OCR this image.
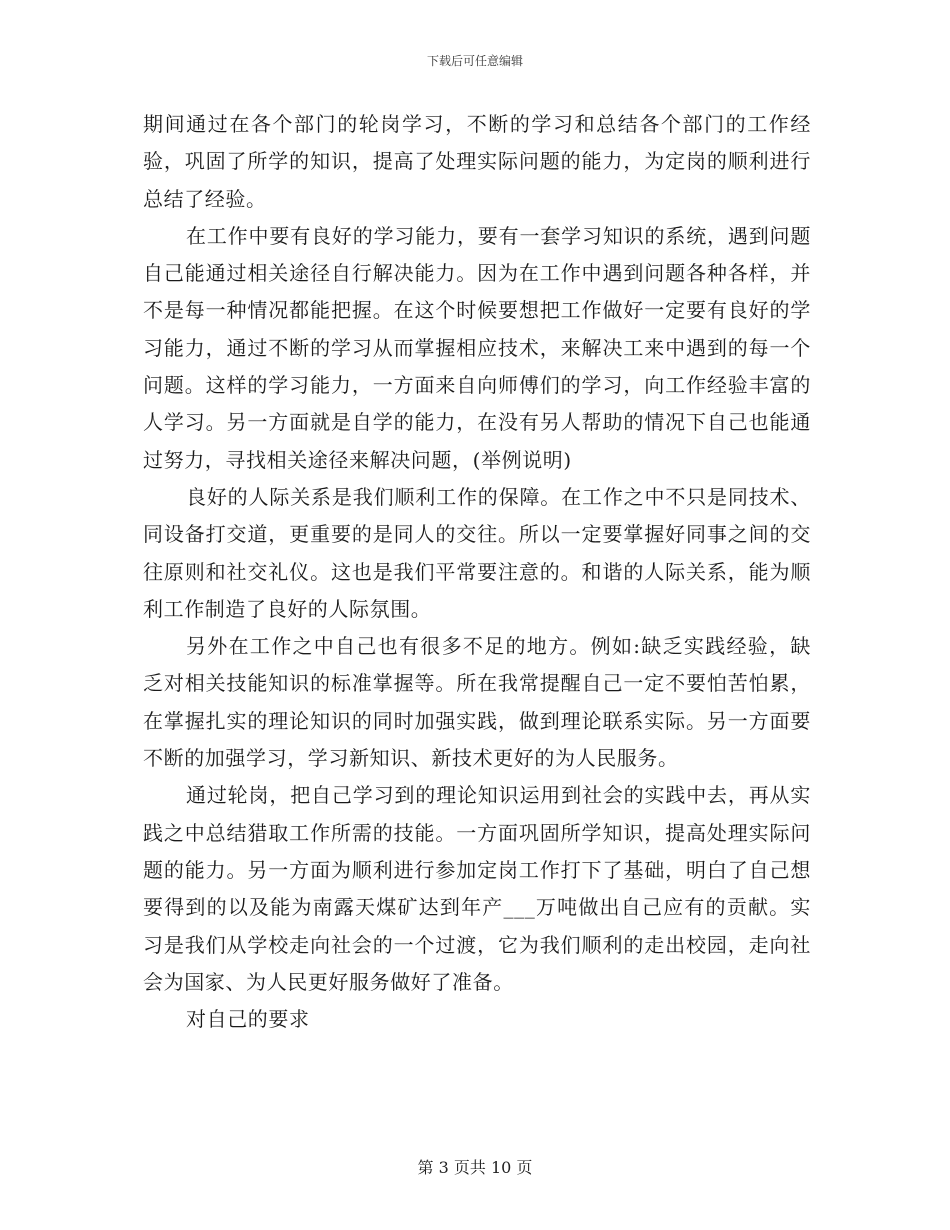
下载后可任意编辑

期间通过在各个部门的轮岗学习，不断的学习和总结各个部门的工作经验，巩固了所学的知识，提高了处理实际问题的能力，为定岗的顺利进行总结了经验。

在工作中要有良好的学习能力，要有一套学习知识的系统，遇到问题自己能通过相关途径自行解决能力。因为在工作中遇到问题各种各样，并不是每一种情况都能把握。在这个时候要想把工作做好一定要有良好的学习能力，通过不断的学习从而掌握相应技术，来解决工来中遇到的每一个问题。这样的学习能力，一方面来自向师傅们的学习，向工作经验丰富的人学习。另一方面就是自学的能力，在没有另人帮助的情况下自己也能通过努力，寻找相关途径来解决问题，(举例说明)

良好的人际关系是我们顺利工作的保障。在工作之中不只是同技术、同设备打交道，更重要的是同人的交往。所以一定要掌握好同事之间的交往原则和社交礼仪。这也是我们平常要注意的。和谐的人际关系，能为顺利工作制造了良好的人际氛围。

另外在工作之中自己也有很多不足的地方。例如:缺乏实践经验，缺乏对相关技能知识的标准掌握等。所在我常提醒自己一定不要怕苦怕累，在掌握扎实的理论知识的同时加强实践，做到理论联系实际。另一方面要不断的加强学习，学习新知识、新技术更好的为人民服务。

通过轮岗，把自己学习到的理论知识运用到社会的实践中去，再从实践之中总结猎取工作所需的技能。一方面巩固所学知识，提高处理实际问题的能力。另一方面为顺利进行参加定岗工作打下了基础，明白了自己想要得到的以及能为南露天煤矿达到年产___万吨做出自己应有的贡献。实习是我们从学校走向社会的一个过渡，它为我们顺利的走出校园，走向社会为国家、为人民更好服务做好了准备。

对自己的要求

第 3 页共 10 页
